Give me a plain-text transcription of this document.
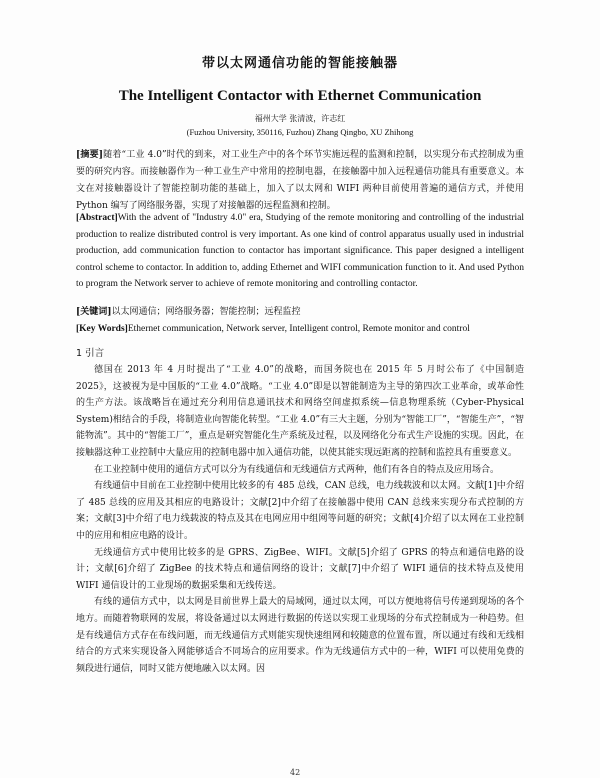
带以太网通信功能的智能接触器
The Intelligent Contactor with Ethernet Communication
福州大学 张清波，许志红
(Fuzhou University, 350116, Fuzhou) Zhang Qingbo, XU Zhihong
[摘要]随着“工业 4.0”时代的到来，对工业生产中的各个环节实施远程的监测和控制，以实现分布式控制成为重要的研究内容。而接触器作为一种工业生产中常用的控制电器，在接触器中加入远程通信功能具有重要意义。本文在对接触器设计了智能控制功能的基础上，加入了以太网和 WIFI 两种目前使用普遍的通信方式，并使用 Python 编写了网络服务器，实现了对接触器的远程监测和控制。
[Abstract]With the advent of "Industry 4.0" era, Studying of the remote monitoring and controlling of the industrial production to realize distributed control is very important. As one kind of control apparatus usually used in industrial production, add communication function to contactor has important significance. This paper designed a intelligent control scheme to contactor. In addition to, adding Ethernet and WIFI communication function to it. And used Python to program the Network server to achieve of remote monitoring and controlling contactor.
[关键词]以太网通信；网络服务器；智能控制；远程监控
[Key Words]Ethernet communication, Network server, Intelligent control, Remote monitor and control
1 引言
德国在 2013 年 4 月时提出了“工业 4.0”的战略，而国务院也在 2015 年 5 月时公布了《中国制造 2025》，这被视为是中国版的“工业 4.0”战略。“工业 4.0”即是以智能制造为主导的第四次工业革命，或革命性的生产方法。该战略旨在通过充分利用信息通讯技术和网络空间虚拟系统—信息物理系统（Cyber-Physical System)相结合的手段，将制造业向智能化转型。“工业 4.0”有三大主题，分别为“智能工厂”，“智能生产”，“智能物流”。其中的“智能工厂”，重点是研究智能化生产系统及过程，以及网络化分布式生产设施的实现。因此，在接触器这种工业控制中大量应用的控制电器中加入通信功能，以使其能实现远距离的控制和监控具有重要意义。
在工业控制中使用的通信方式可以分为有线通信和无线通信方式两种，他们有各自的特点及应用场合。
有线通信中目前在工业控制中使用比较多的有 485 总线，CAN 总线，电力线载波和以太网。文献[1]中介绍了 485 总线的应用及其相应的电路设计；文献[2]中介绍了在接触器中使用 CAN 总线来实现分布式控制的方案；文献[3]中介绍了电力线载波的特点及其在电网应用中组网等问题的研究；文献[4]介绍了以太网在工业控制中的应用和相应电路的设计。
无线通信方式中使用比较多的是 GPRS、ZigBee、WIFI。文献[5]介绍了 GPRS 的特点和通信电路的设计；文献[6]介绍了 ZigBee 的技术特点和通信网络的设计；文献[7]中介绍了 WIFI 通信的技术特点及使用 WIFI 通信设计的工业现场的数据采集和无线传送。
有线的通信方式中，以太网是目前世界上最大的局域网，通过以太网，可以方便地将信号传递到现场的各个地方。而随着物联网的发展，将设备通过以太网进行数据的传送以实现工业现场的分布式控制成为一种趋势。但是有线通信方式存在布线问题，而无线通信方式则能实现快速组网和较随意的位置布置，所以通过有线和无线相结合的方式来实现设备入网能够适合不同场合的应用要求。作为无线通信方式中的一种，WIFI 可以使用免费的频段进行通信，同时又能方便地融入以太网。因
42
